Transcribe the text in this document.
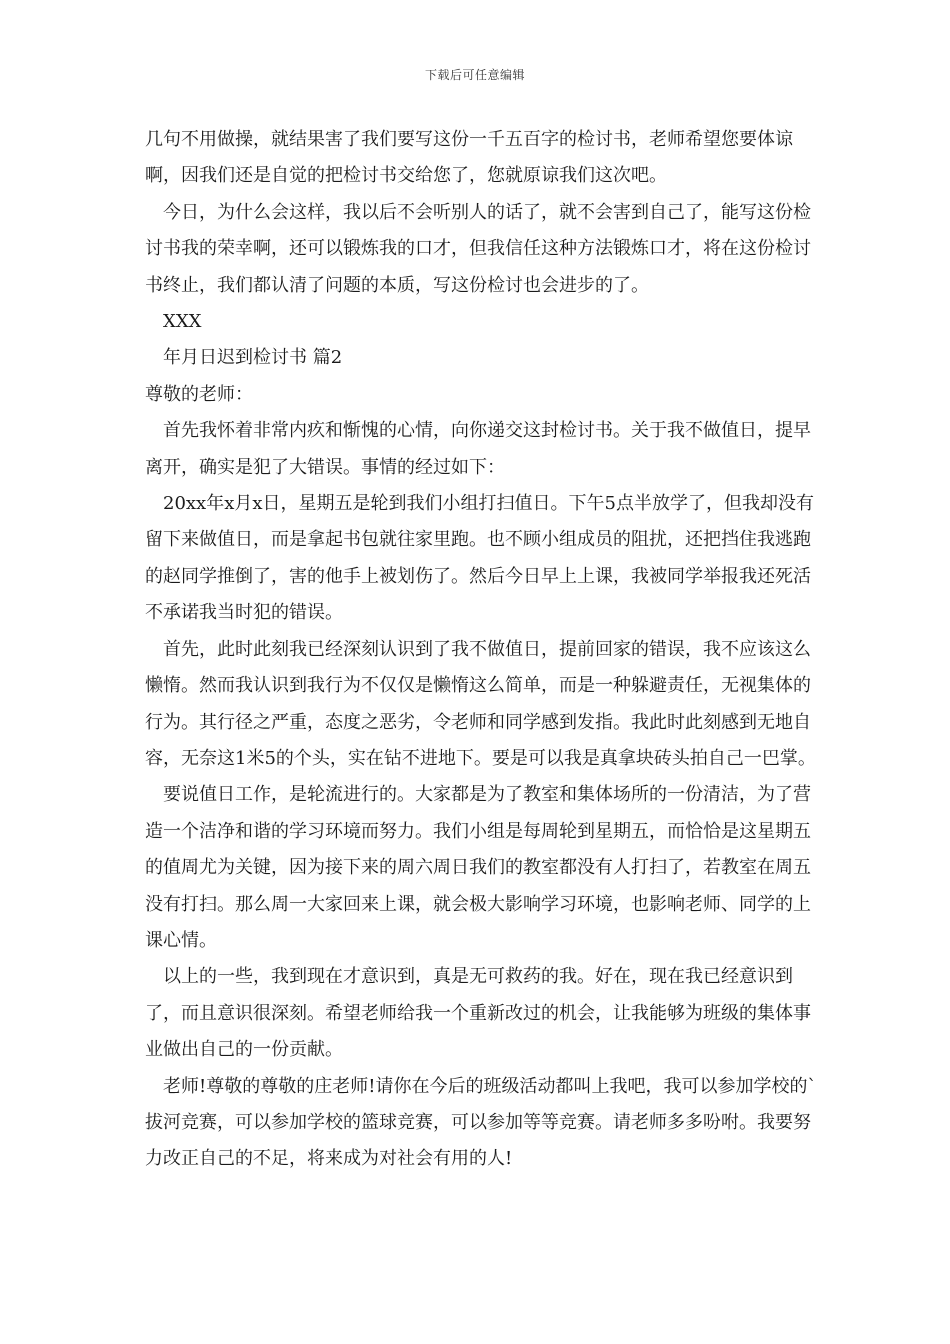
下载后可任意编辑

几句不用做操，就结果害了我们要写这份一千五百字的检讨书，老师希望您要体谅啊，因我们还是自觉的把检讨书交给您了，您就原谅我们这次吧。

今日，为什么会这样，我以后不会听别人的话了，就不会害到自己了，能写这份检讨书我的荣幸啊，还可以锻炼我的口才，但我信任这种方法锻炼口才，将在这份检讨书终止，我们都认清了问题的本质，写这份检讨也会进步的了。

XXX

年月日迟到检讨书 篇2

尊敬的老师：

首先我怀着非常内疚和惭愧的心情，向你递交这封检讨书。关于我不做值日，提早离开，确实是犯了大错误。事情的经过如下：

20xx年x月x日，星期五是轮到我们小组打扫值日。下午5点半放学了，但我却没有留下来做值日，而是拿起书包就往家里跑。也不顾小组成员的阻扰，还把挡住我逃跑的赵同学推倒了，害的他手上被划伤了。然后今日早上上课，我被同学举报我还死活不承诺我当时犯的错误。

首先，此时此刻我已经深刻认识到了我不做值日，提前回家的错误，我不应该这么懒惰。然而我认识到我行为不仅仅是懒惰这么简单，而是一种躲避责任，无视集体的行为。其行径之严重，态度之恶劣，令老师和同学感到发指。我此时此刻感到无地自容，无奈这1米5的个头，实在钻不进地下。要是可以我是真拿块砖头拍自己一巴掌。

要说值日工作，是轮流进行的。大家都是为了教室和集体场所的一份清洁，为了营造一个洁净和谐的学习环境而努力。我们小组是每周轮到星期五，而恰恰是这星期五的值周尤为关键，因为接下来的周六周日我们的教室都没有人打扫了，若教室在周五没有打扫。那么周一大家回来上课，就会极大影响学习环境，也影响老师、同学的上课心情。

以上的一些，我到现在才意识到，真是无可救药的我。好在，现在我已经意识到了，而且意识很深刻。希望老师给我一个重新改过的机会，让我能够为班级的集体事业做出自己的一份贡献。

老师!尊敬的尊敬的庄老师!请你在今后的班级活动都叫上我吧，我可以参加学校的`拔河竞赛，可以参加学校的篮球竞赛，可以参加等等竞赛。请老师多多吩咐。我要努力改正自己的不足，将来成为对社会有用的人!
